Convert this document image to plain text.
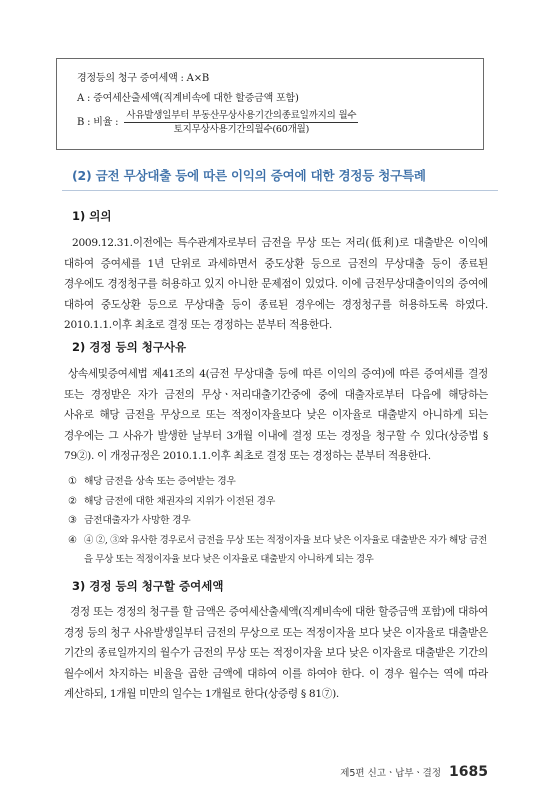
경정등의 청구 증여세액 : A×B
A : 증여세산출세액(직계비속에 대한 할증금액 포함)
B : 비율 : $\frac{\text{사유발생일부터 부동산무상사용기간의종료일까지의 월수}}{\text{토지무상사용기간의월수(60개월)}}$
(2) 금전 무상대출 등에 따른 이익의 증여에 대한 경정등 청구특례
1) 의의

2009.12.31.이전에는 특수관계자로부터 금전을 무상 또는 저리(低利)로 대출받은 이익에 대하여 증여세를 1년 단위로 과세하면서 중도상환 등으로 금전의 무상대출 등이 종료된 경우에도 경정청구를 허용하고 있지 아니한 문제점이 있었다. 이에 금전무상대출이익의 증여에 대하여 중도상환 등으로 무상대출 등이 종료된 경우에는 경정청구를 허용하도록 하였다. 2010.1.1.이후 최초로 결정 또는 경정하는 분부터 적용한다.

2) 경정 등의 청구사유

상속세및증여세법 제41조의 4(금전 무상대출 등에 따른 이익의 증여)에 따른 증여세를 결정 또는 경정받은 자가 금전의 무상ㆍ저리대출기간중에 중에 대출자로부터 다음에 해당하는 사유로 해당 금전을 무상으로 또는 적정이자율보다 낮은 이자율로 대출받지 아니하게 되는 경우에는 그 사유가 발생한 날부터 3개월 이내에 결정 또는 경정을 청구할 수 있다(상증법 § 79②). 이 개정규정은 2010.1.1.이후 최초로 결정 또는 경정하는 분부터 적용한다.

① 해당 금전을 상속 또는 증여받는 경우
② 해당 금전에 대한 채권자의 지위가 이전된 경우
③ 금전대출자가 사망한 경우
④ ④ ②, ③와 유사한 경우로서 금전을 무상 또는 적정이자율 보다 낮은 이자율로 대출받은 자가 해당 금전을 무상 또는 적정이자율 보다 낮은 이자율로 대출받지 아니하게 되는 경우
3) 경정 등의 청구할 증여세액

경정 또는 경정의 청구를 할 금액은 증여세산출세액(직계비속에 대한 할증금액 포함)에 대하여 경정 등의 청구 사유발생일부터 금전의 무상으로 또는 적정이자율 보다 낮은 이자율로 대출받은 기간의 종료일까지의 월수가 금전의 무상 또는 적정이자율 보다 낮은 이자율로 대출받은 기간의 월수에서 차지하는 비율을 곱한 금액에 대하여 이를 하여야 한다. 이 경우 월수는 역에 따라 계산하되, 1개월 미만의 일수는 1개월로 한다(상증령 § 81⑦).

제5편 신고ㆍ납부ㆍ결정 1685
